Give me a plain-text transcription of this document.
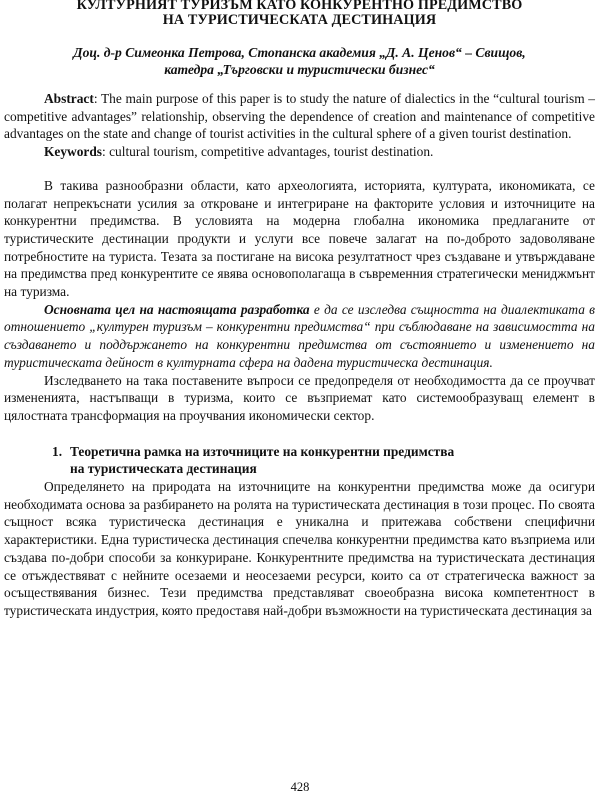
КУЛТУРНИЯТ ТУРИЗЪМ КАТО КОНКУРЕНТНО ПРЕДИМСТВО
НА ТУРИСТИЧЕСКАТА ДЕСТИНАЦИЯ
Доц. д-р Симеонка Петрова, Стопанска академия „Д. А. Ценов“ – Свищов,
катедра „Търговски и туристически бизнес“

Abstract: The main purpose of this paper is to study the nature of dialectics in the “cultural tourism – competitive advantages” relationship, observing the dependence of creation and maintenance of competitive advantages on the state and change of tourist activities in the cultural sphere of a given tourist destination.

Keywords: cultural tourism, competitive advantages, tourist destination.

В такива разнообразни области, като археологията, историята, културата, икономиката, се полагат непрекъснати усилия за откроване и интегриране на факторите условия и източниците на конкурентни предимства. В условията на модерна глобална икономика предлаганите от туристическите дестинации продукти и услуги все повече залагат на по-доброто задоволяване потребностите на туриста. Тезата за постигане на висока резултатност чрез създаване и утвърждаване на предимства пред конкурентите се явява основополагаща в съвременния стратегически мениджмънт на туризма.

Основната цел на настоящата разработка е да се изследва същността на диалектиката в отношението „културен туризъм – конкурентни предимства“ при съблюдаване на зависимостта на създаването и поддържането на конкурентни предимства от състоянието и изменението на туристическата дейност в културната сфера на дадена туристическа дестинация.

Изследването на така поставените въпроси се предопределя от необходимостта да се проучват измененията, настъпващи в туризма, които се възприемат като системообразуващ елемент в цялостната трансформация на проучвания икономически сектор.

1. Теоретична рамка на източниците на конкурентни предимства
на туристическата дестинация

Определянето на природата на източниците на конкурентни предимства може да осигури необходимата основа за разбирането на ролята на туристическата дестинация в този процес. По своята същност всяка туристическа дестинация е уникална и притежава собствени специфични характеристики. Една туристическа дестинация спечелва конкурентни предимства като възприема или създава по-добри способи за конкуриране. Конкурентните предимства на туристическата дестинация се отъждествяват с нейните осезаеми и неосезаеми ресурси, които са от стратегическа важност за осъществявания бизнес. Тези предимства представляват своеобразна висока компетентност в туристическата индустрия, която предоставя най-добри възможности на туристическата дестинация за

428
